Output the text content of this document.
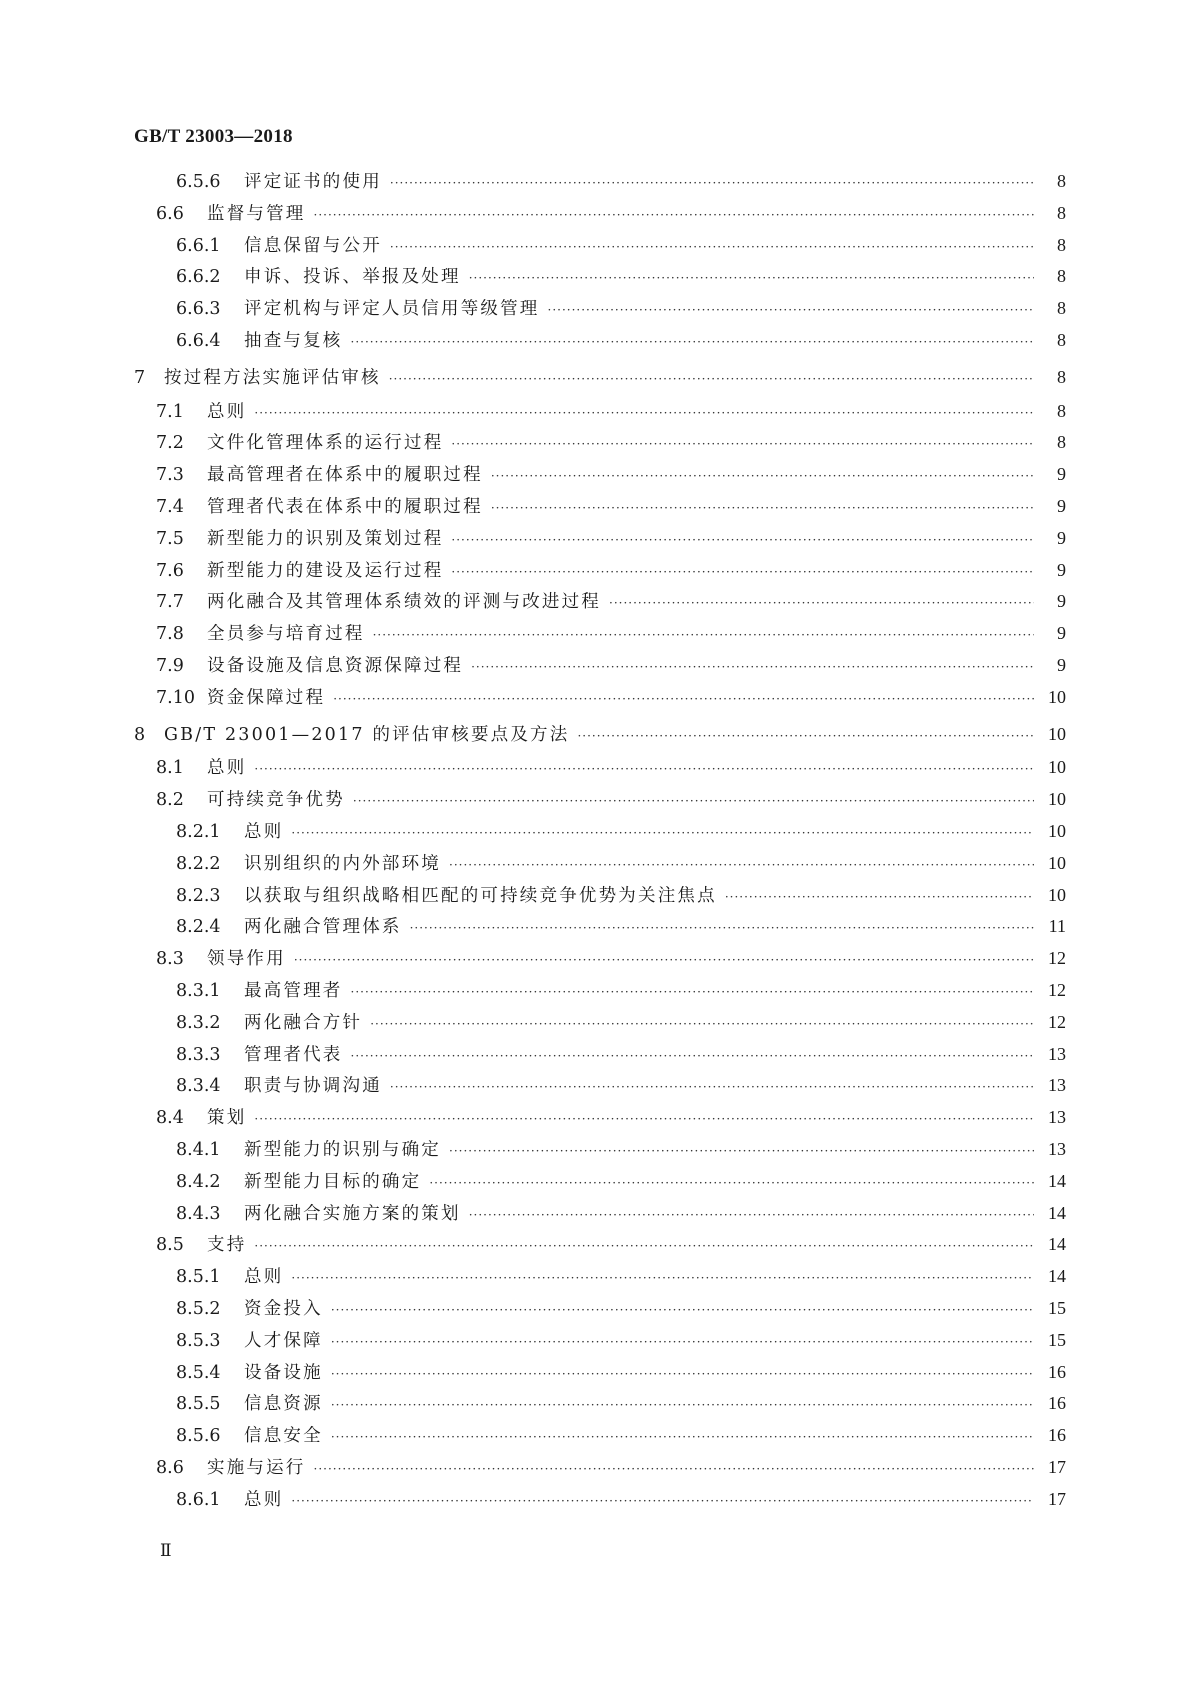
GB/T 23003—2018
6.5.6	评定证书的使用 ·····	8
6.6	监督与管理 ·····	8
6.6.1	信息保留与公开 ·····	8
6.6.2	申诉、投诉、举报及处理 ·····	8
6.6.3	评定机构与评定人员信用等级管理 ·····	8
6.6.4	抽查与复核 ·····	8
7	按过程方法实施评估审核 ·····	8
7.1	总则 ·····	8
7.2	文件化管理体系的运行过程 ·····	8
7.3	最高管理者在体系中的履职过程 ·····	9
7.4	管理者代表在体系中的履职过程 ·····	9
7.5	新型能力的识别及策划过程 ·····	9
7.6	新型能力的建设及运行过程 ·····	9
7.7	两化融合及其管理体系绩效的评测与改进过程 ·····	9
7.8	全员参与培育过程 ·····	9
7.9	设备设施及信息资源保障过程 ·····	9
7.10 资金保障过程 ·····	10
8	GB/T 23001—2017 的评估审核要点及方法 ·····	10
8.1	总则 ·····	10
8.2	可持续竞争优势 ·····	10
8.2.1	总则 ·····	10
8.2.2	识别组织的内外部环境 ·····	10
8.2.3	以获取与组织战略相匹配的可持续竞争优势为关注焦点 ·····	10
8.2.4	两化融合管理体系 ·····	11
8.3	领导作用 ·····	12
8.3.1	最高管理者 ·····	12
8.3.2	两化融合方针 ·····	12
8.3.3	管理者代表 ·····	13
8.3.4	职责与协调沟通 ·····	13
8.4	策划 ·····	13
8.4.1	新型能力的识别与确定 ·····	13
8.4.2	新型能力目标的确定 ·····	14
8.4.3	两化融合实施方案的策划 ·····	14
8.5	支持 ·····	14
8.5.1	总则 ·····	14
8.5.2	资金投入 ·····	15
8.5.3	人才保障 ·····	15
8.5.4	设备设施 ·····	16
8.5.5	信息资源 ·····	16
8.5.6	信息安全 ·····	16
8.6	实施与运行 ·····	17
8.6.1	总则 ·····	17
Ⅱ
